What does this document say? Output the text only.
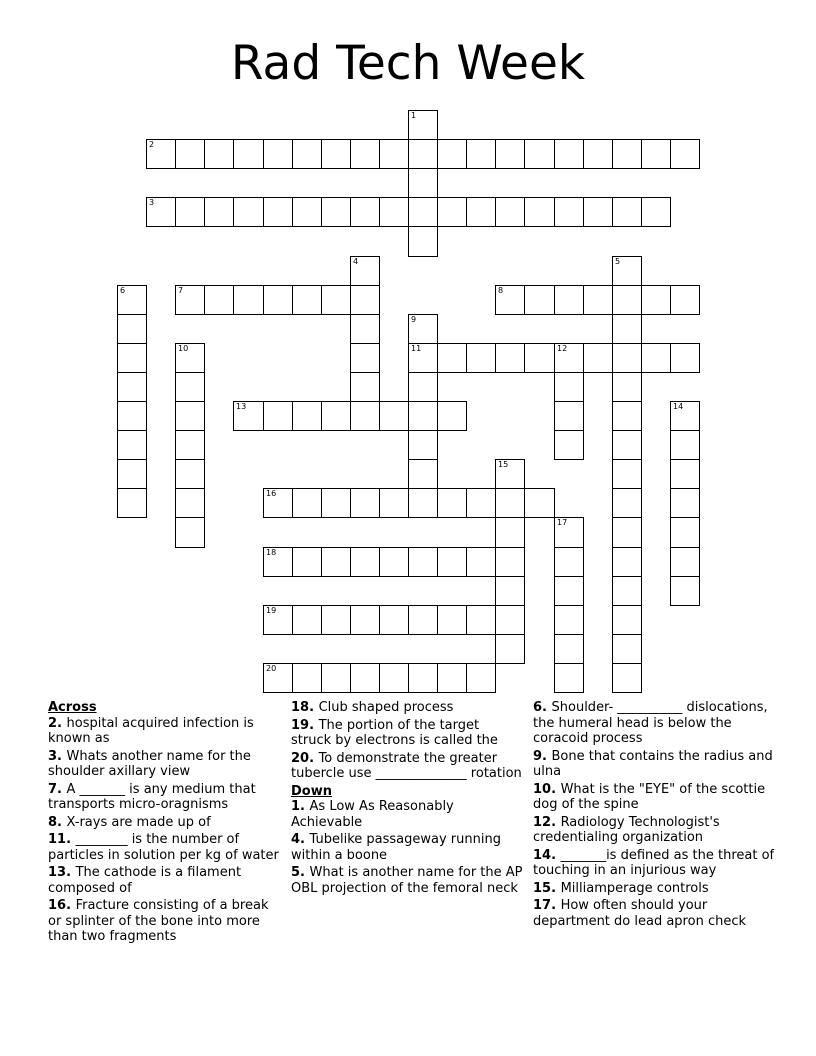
Rad Tech Week
1
2
3
4	5
6	7	8
9
11
10	12
13	14
15
16
17
18
19
20
Across
2. hospital acquired infection is known as
3. Whats another name for the shoulder axillary view
7. A _______ is any medium that transports micro-oragnisms
8. X-rays are made up of
11. ________ is the number of particles in solution per kg of water
13. The cathode is a filament composed of
16. Fracture consisting of a break or splinter of the bone into more than two fragments
18. Club shaped process
19. The portion of the target struck by electrons is called the
20. To demonstrate the greater tubercle use ______________ rotation
Down
1. As Low As Reasonably Achievable
4. Tubelike passageway running within a boone
5. What is another name for the AP OBL projection of the femoral neck
6. Shoulder- __________ dislocations, the humeral head is below the coracoid process
9. Bone that contains the radius and ulna
10. What is the "EYE" of the scottie dog of the spine
12. Radiology Technologist's credentialing organization
14. _______is defined as the threat of touching in an injurious way
15. Milliamperage controls
17. How often should your department do lead apron check
